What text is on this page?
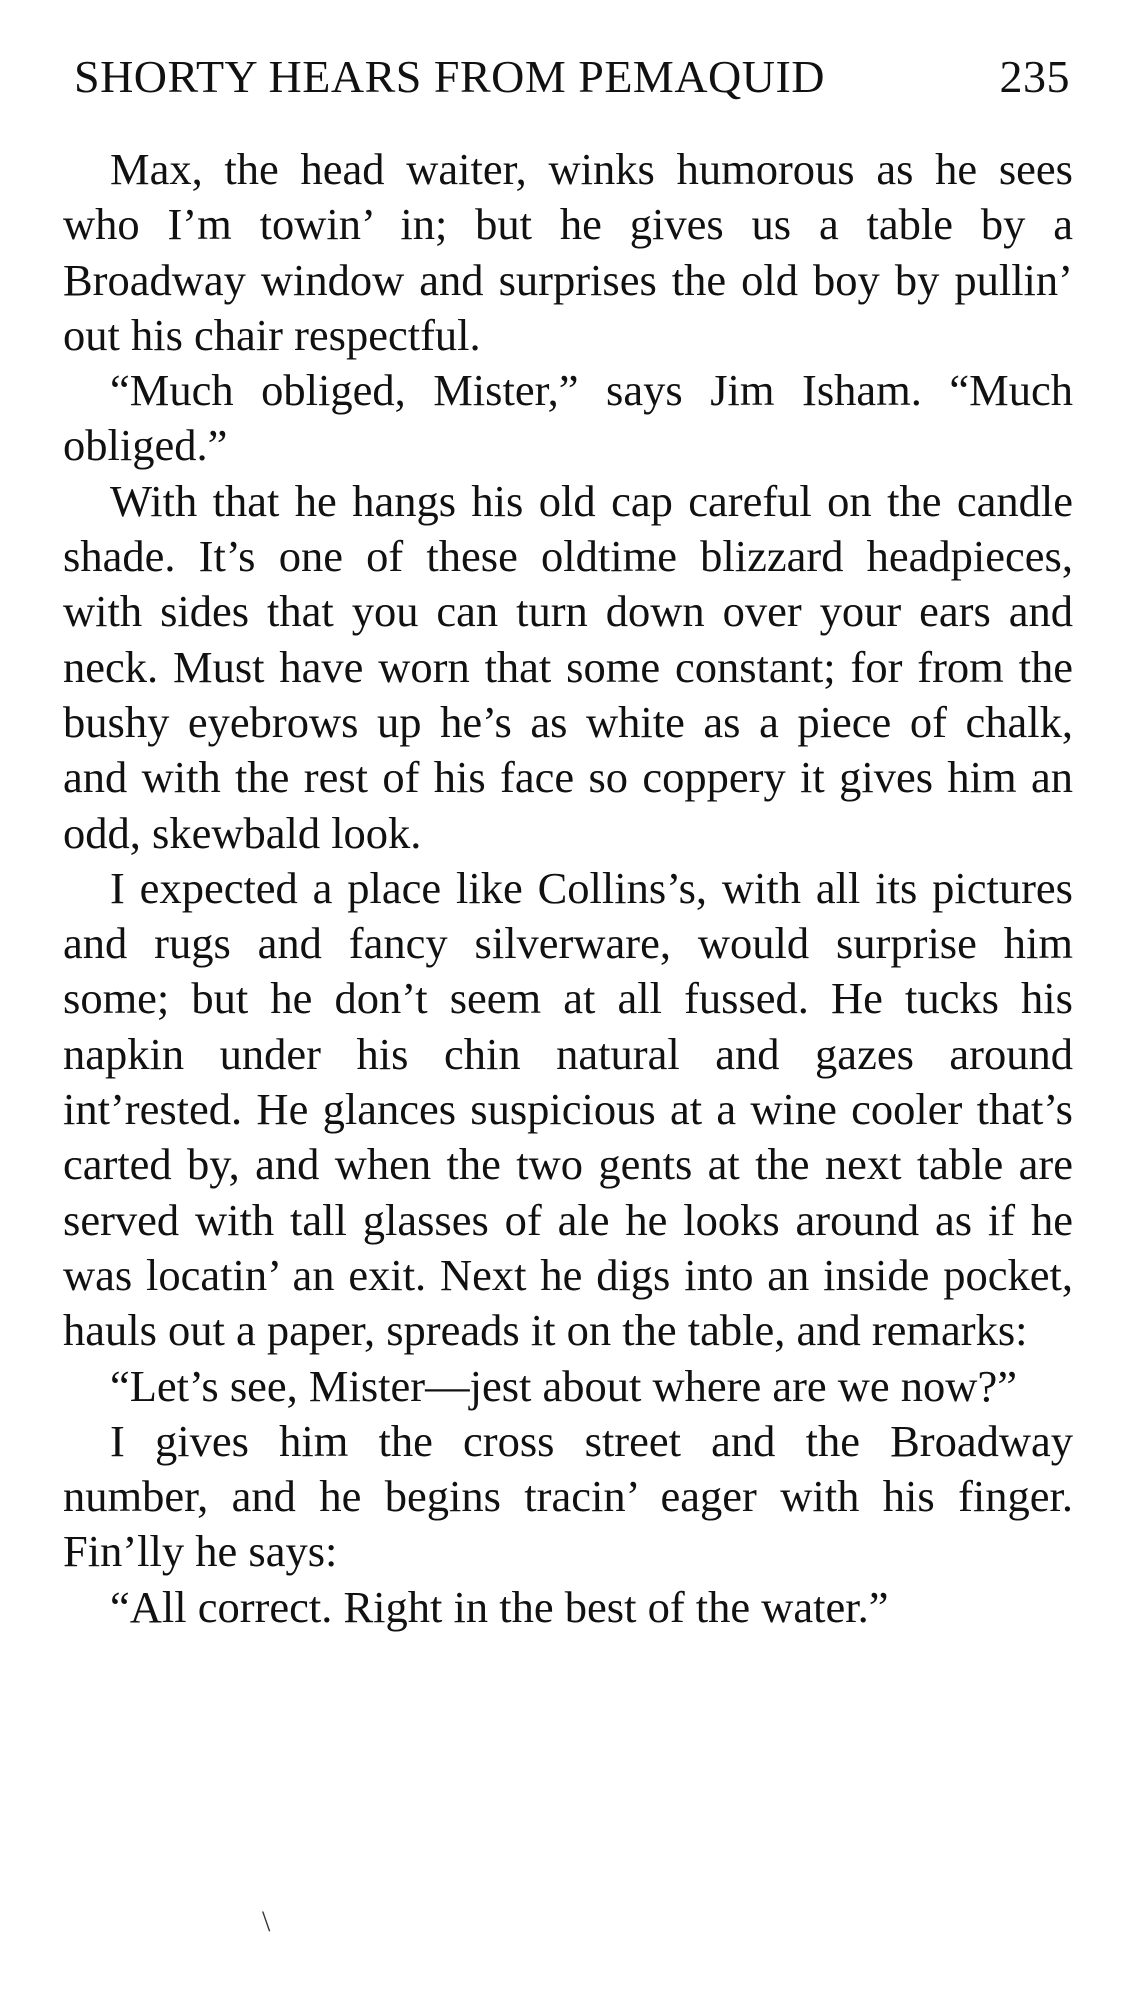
SHORTY HEARS FROM PEMAQUID	235

Max, the head waiter, winks humorous as he sees who I’m towin’ in; but he gives us a table by a Broadway window and surprises the old boy by pullin’ out his chair respectful.

“Much obliged, Mister,” says Jim Isham. “Much obliged.”

With that he hangs his old cap careful on the candle shade. It’s one of these oldtime blizzard headpieces, with sides that you can turn down over your ears and neck. Must have worn that some constant; for from the bushy eyebrows up he’s as white as a piece of chalk, and with the rest of his face so coppery it gives him an odd, skewbald look.

I expected a place like Collins’s, with all its pictures and rugs and fancy silverware, would surprise him some; but he don’t seem at all fussed. He tucks his napkin under his chin natural and gazes around int’rested. He glances suspicious at a wine cooler that’s carted by, and when the two gents at the next table are served with tall glasses of ale he looks around as if he was locatin’ an exit. Next he digs into an inside pocket, hauls out a paper, spreads it on the table, and remarks:

“Let’s see, Mister—jest about where are we now?”

I gives him the cross street and the Broadway number, and he begins tracin’ eager with his finger. Fin’lly he says:

“All correct. Right in the best of the water.”

\
